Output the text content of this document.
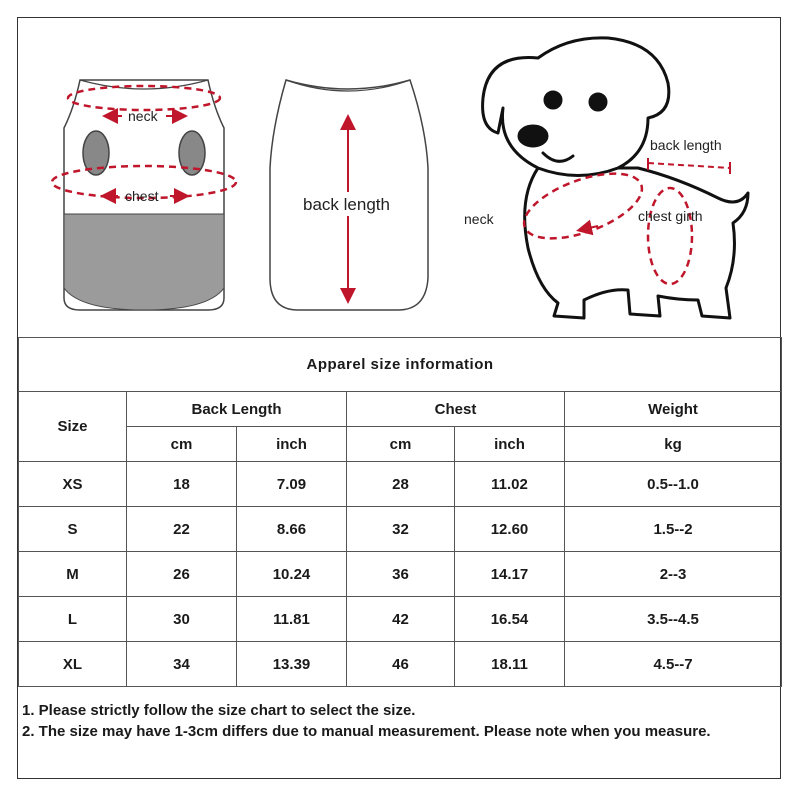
neck
chest	back length
back length
neck	chest girth
Apparel size information					
Size	Back Length		Chest		Weight
	cm	inch	cm	inch	kg
XS	18	7.09	28	11.02	0.5--1.0
S	22	8.66	32	12.60	1.5--2
M	26	10.24	36	14.17	2--3
L	30	11.81	42	16.54	3.5--4.5
XL	34	13.39	46	18.11	4.5--7
1. Please strictly follow the size chart to select the size.
2. The size may have 1-3cm differs due to manual measurement. Please note when you measure.
